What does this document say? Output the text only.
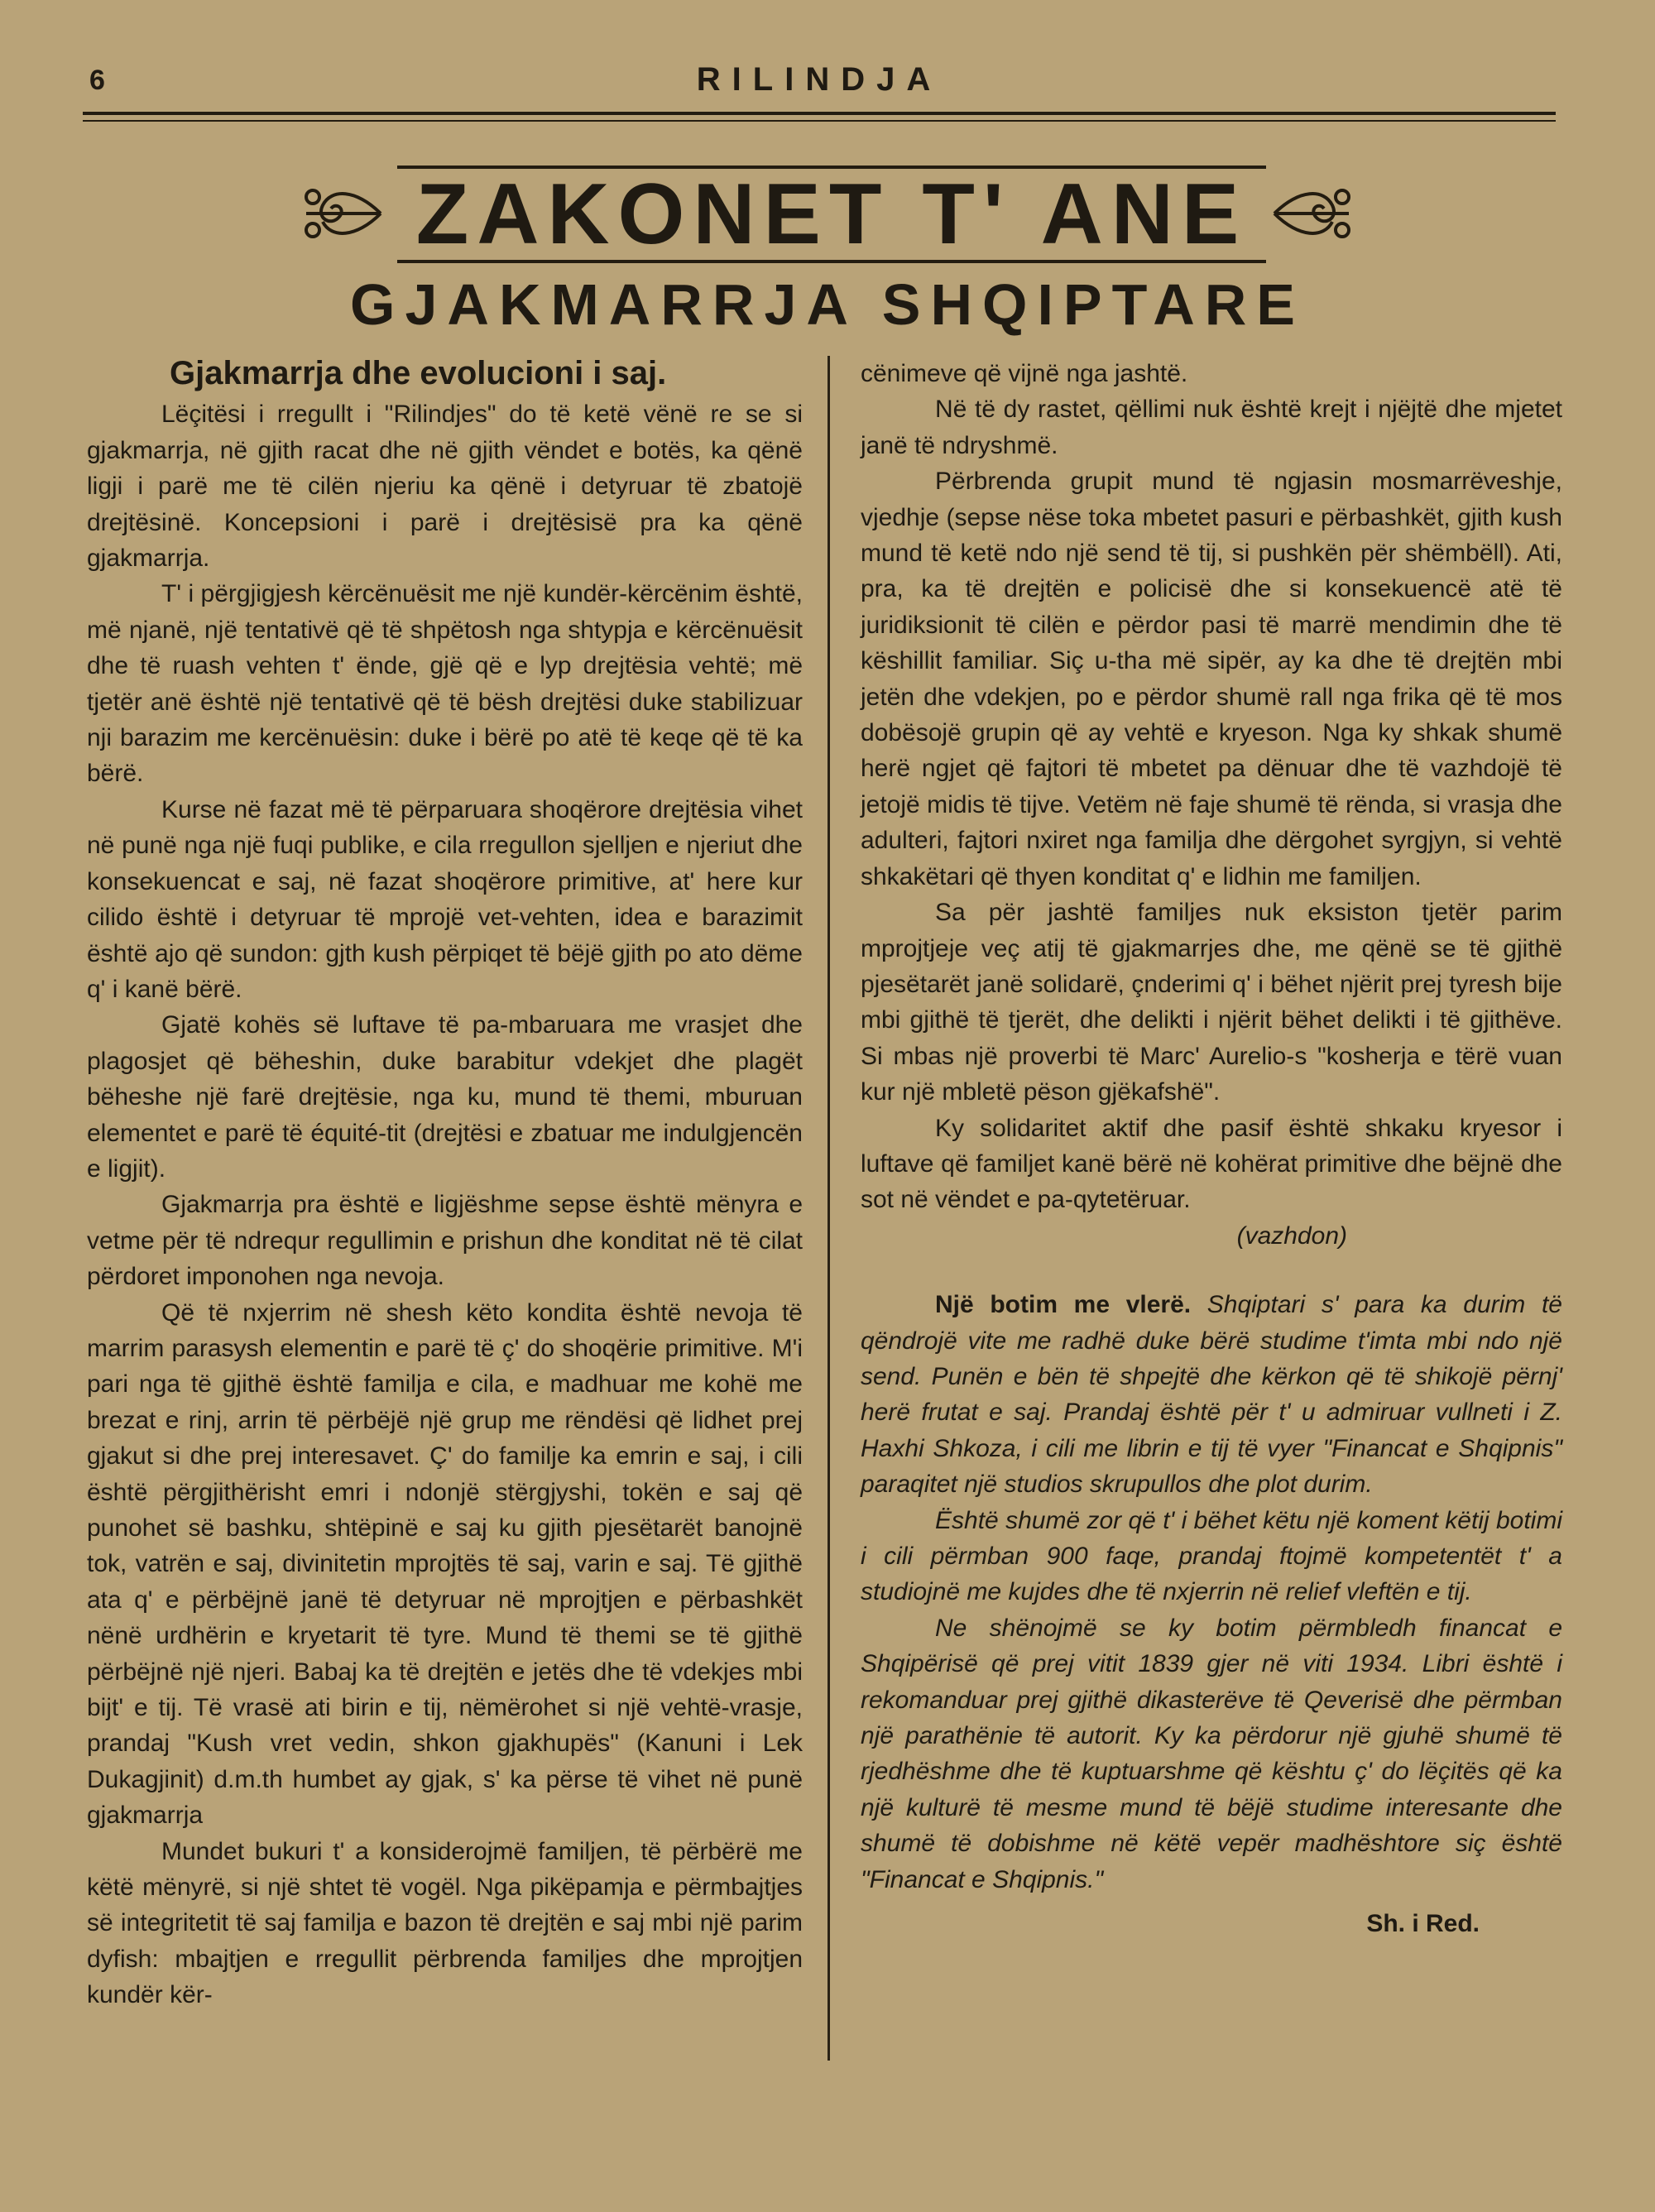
6	RILINDJA
ZAKONET T' ANE
GJAKMARRJA SHQIPTARE

Gjakmarrja dhe evolucioni i saj.

Lëçitësi i rregullt i "Rilindjes" do të ketë vënë re se si gjakmarrja, në gjith racat dhe në gjith vëndet e botës, ka qënë ligji i parë me të cilën njeriu ka qënë i detyruar të zbatojë drejtësinë. Koncepsioni i parë i drejtësisë pra ka qënë gjakmarrja.

T' i përgjigjesh kërcënuësit me një kundër-kërcënim është, më njanë, një tentativë që të shpëtosh nga shtypja e kërcënuësit dhe të ruash vehten t' ënde, gjë që e lyp drejtësia vehtë; më tjetër anë është një tentativë që të bësh drejtësi duke stabilizuar nji barazim me kercënuësin: duke i bërë po atë të keqe që të ka bërë.

Kurse në fazat më të përparuara shoqërore drejtësia vihet në punë nga një fuqi publike, e cila rregullon sjelljen e njeriut dhe konsekuencat e saj, në fazat shoqërore primitive, at' here kur cilido është i detyruar të mprojë vet-vehten, idea e barazimit është ajo që sundon: gjth kush përpiqet të bëjë gjith po ato dëme q' i kanë bërë.

Gjatë kohës së luftave të pa-mbaruara me vrasjet dhe plagosjet që bëheshin, duke barabitur vdekjet dhe plagët bëheshe një farë drejtësie, nga ku, mund të themi, mburuan elementet e parë të équité-tit (drejtësi e zbatuar me indulgjencën e ligjit).

Gjakmarrja pra është e ligjëshme sepse është mënyra e vetme për të ndrequr regullimin e prishun dhe konditat në të cilat përdoret imponohen nga nevoja.

Që të nxjerrim në shesh këto kondita është nevoja të marrim parasysh elementin e parë të ç' do shoqërie primitive. M'i pari nga të gjithë është familja e cila, e madhuar me kohë me brezat e rinj, arrin të përbëjë një grup me rëndësi që lidhet prej gjakut si dhe prej interesavet. Ç' do familje ka emrin e saj, i cili është përgjithërisht emri i ndonjë stërgjyshi, tokën e saj që punohet së bashku, shtëpinë e saj ku gjith pjesëtarët banojnë tok, vatrën e saj, divinitetin mprojtës të saj, varin e saj. Të gjithë ata q' e përbëjnë janë të detyruar në mprojtjen e përbashkët nënë urdhërin e kryetarit të tyre. Mund të themi se të gjithë përbëjnë një njeri. Babaj ka të drejtën e jetës dhe të vdekjes mbi bijt' e tij. Të vrasë ati birin e tij, nëmërohet si një vehtë-vrasje, prandaj "Kush vret vedin, shkon gjakhupës" (Kanuni i Lek Dukagjinit) d.m.th humbet ay gjak, s' ka përse të vihet në punë gjakmarrja

Mundet bukuri t' a konsiderojmë familjen, të përbërë me këtë mënyrë, si një shtet të vogël. Nga pikëpamja e përmbajtjes së integritetit të saj familja e bazon të drejtën e saj mbi një parim dyfish: mbajtjen e rregullit përbrenda familjes dhe mprojtjen kundër kër-

cënimeve që vijnë nga jashtë.

Në të dy rastet, qëllimi nuk është krejt i njëjtë dhe mjetet janë të ndryshmë.

Përbrenda grupit mund të ngjasin mosmarrëveshje, vjedhje (sepse nëse toka mbetet pasuri e përbashkët, gjith kush mund të ketë ndo një send të tij, si pushkën për shëmbëll). Ati, pra, ka të drejtën e policisë dhe si konsekuencë atë të juridiksionit të cilën e përdor pasi të marrë mendimin dhe të këshillit familiar. Siç u-tha më sipër, ay ka dhe të drejtën mbi jetën dhe vdekjen, po e përdor shumë rall nga frika që të mos dobësojë grupin që ay vehtë e kryeson. Nga ky shkak shumë herë ngjet që fajtori të mbetet pa dënuar dhe të vazhdojë të jetojë midis të tijve. Vetëm në faje shumë të rënda, si vrasja dhe adulteri, fajtori nxiret nga familja dhe dërgohet syrgjyn, si vehtë shkakëtari që thyen konditat q' e lidhin me familjen.

Sa për jashtë familjes nuk eksiston tjetër parim mprojtjeje veç atij të gjakmarrjes dhe, me qënë se të gjithë pjesëtarët janë solidarë, çnderimi q' i bëhet njërit prej tyresh bije mbi gjithë të tjerët, dhe delikti i njërit bëhet delikti i të gjithëve. Si mbas një proverbi të Marc' Aurelio-s "kosherja e tërë vuan kur një mbletë pëson gjëkafshë".

Ky solidaritet aktif dhe pasif është shkaku kryesor i luftave që familjet kanë bërë në kohërat primitive dhe bëjnë dhe sot në vëndet e pa-qytetëruar.

(vazhdon)

Një botim me vlerë. Shqiptari s' para ka durim të qëndrojë vite me radhë duke bërë studime t'imta mbi ndo një send. Punën e bën të shpejtë dhe kërkon që të shikojë përnj' herë frutat e saj. Prandaj është për t' u admiruar vullneti i Z. Haxhi Shkoza, i cili me librin e tij të vyer "Financat e Shqipnis" paraqitet një studios skrupullos dhe plot durim.

Është shumë zor që t' i bëhet këtu një koment këtij botimi i cili përmban 900 faqe, prandaj ftojmë kompetentët t' a studiojnë me kujdes dhe të nxjerrin në relief vleftën e tij.

Ne shënojmë se ky botim përmbledh financat e Shqipërisë që prej vitit 1839 gjer në viti 1934. Libri është i rekomanduar prej gjithë dikasterëve të Qeverisë dhe përmban një parathënie të autorit. Ky ka përdorur një gjuhë shumë të rjedhëshme dhe të kuptuarshme që kështu ç' do lëçitës që ka një kulturë të mesme mund të bëjë studime interesante dhe shumë të dobishme në këtë vepër madhështore siç është "Financat e Shqipnis."

Sh. i Red.
